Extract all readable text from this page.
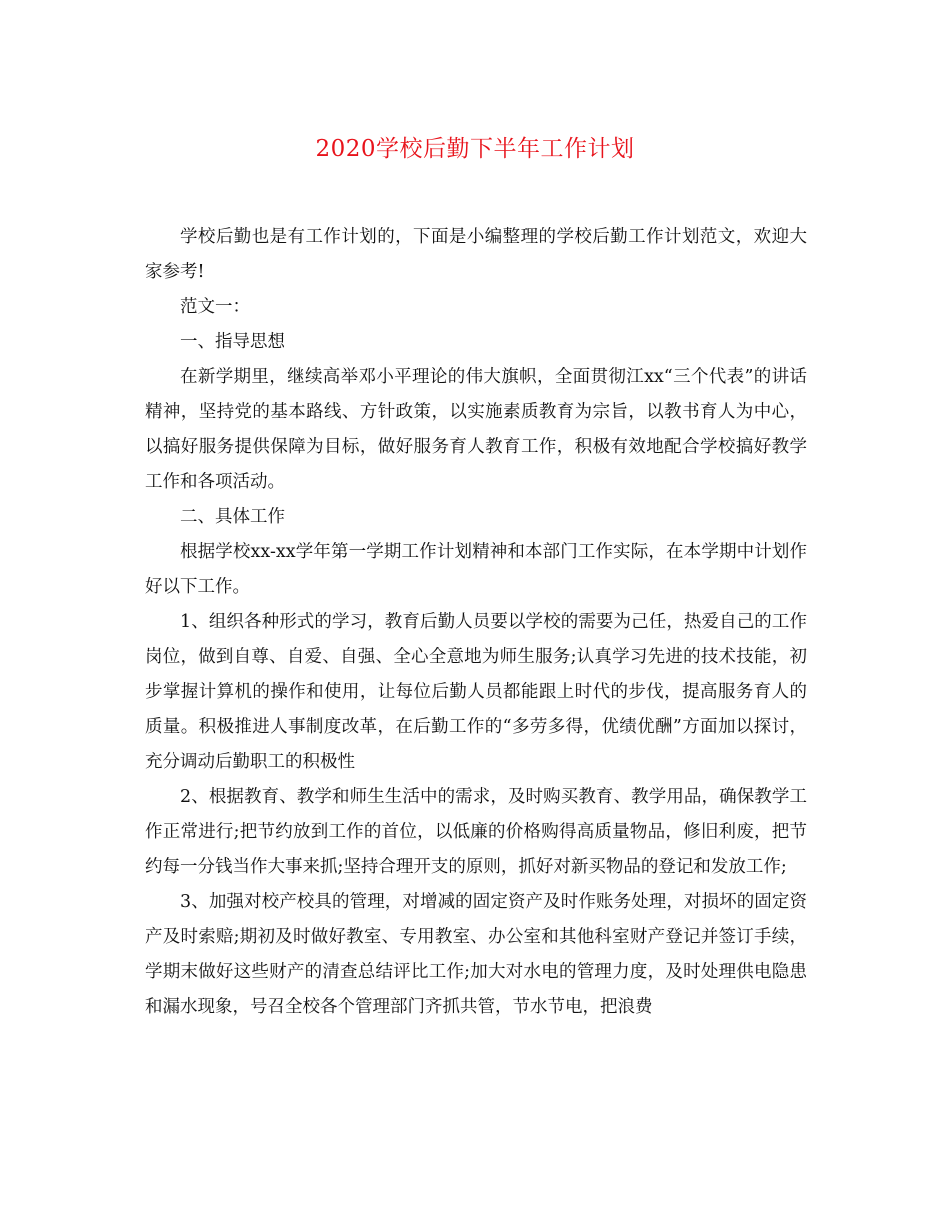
2020学校后勤下半年工作计划

学校后勤也是有工作计划的，下面是小编整理的学校后勤工作计划范文，欢迎大家参考!

范文一：

一、指导思想

在新学期里，继续高举邓小平理论的伟大旗帜，全面贯彻江xx“三个代表”的讲话精神，坚持党的基本路线、方针政策，以实施素质教育为宗旨，以教书育人为中心，以搞好服务提供保障为目标，做好服务育人教育工作，积极有效地配合学校搞好教学工作和各项活动。

二、具体工作

根据学校xx-xx学年第一学期工作计划精神和本部门工作实际，在本学期中计划作好以下工作。

1、组织各种形式的学习，教育后勤人员要以学校的需要为己任，热爱自己的工作岗位，做到自尊、自爱、自强、全心全意地为师生服务;认真学习先进的技术技能，初步掌握计算机的操作和使用，让每位后勤人员都能跟上时代的步伐，提高服务育人的质量。积极推进人事制度改革，在后勤工作的“多劳多得，优绩优酬”方面加以探讨，充分调动后勤职工的积极性

2、根据教育、教学和师生生活中的需求，及时购买教育、教学用品，确保教学工作正常进行;把节约放到工作的首位，以低廉的价格购得高质量物品，修旧利废，把节约每一分钱当作大事来抓;坚持合理开支的原则，抓好对新买物品的登记和发放工作;

3、加强对校产校具的管理，对增减的固定资产及时作账务处理，对损坏的固定资产及时索赔;期初及时做好教室、专用教室、办公室和其他科室财产登记并签订手续，学期末做好这些财产的清查总结评比工作;加大对水电的管理力度，及时处理供电隐患和漏水现象，号召全校各个管理部门齐抓共管，节水节电，把浪费
